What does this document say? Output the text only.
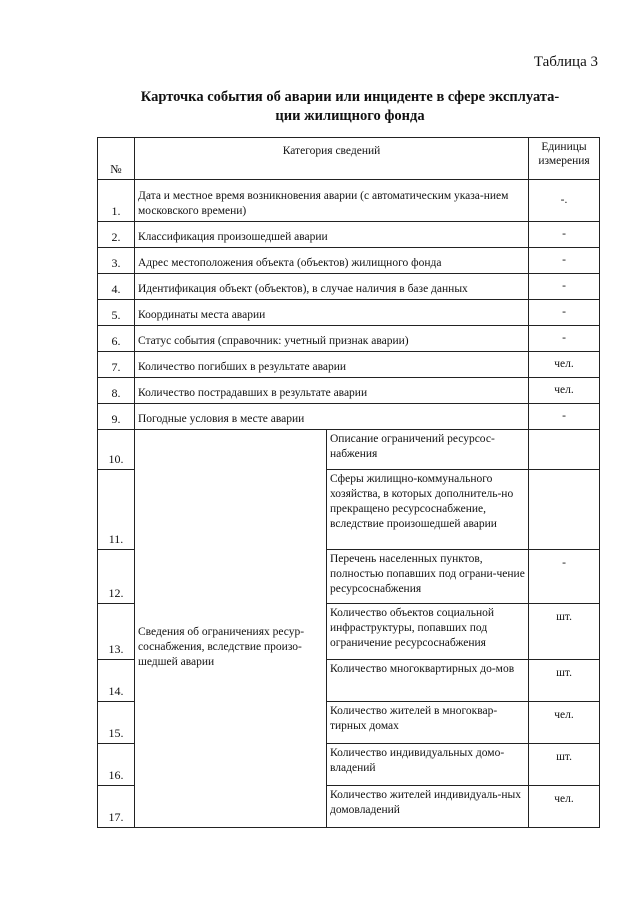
Таблица 3
Карточка события об аварии или инциденте в сфере эксплуата-
ции жилищного фонда
№	Категория сведений		Единицы
измерения

1.	Дата и местное время возникновения аварии (с автоматическим указа-нием московского времени)		-.
2.	Классификация произошедшей аварии		-
3.	Адрес местоположения объекта (объектов) жилищного фонда		-
4.	Идентификация объект (объектов), в случае наличия в базе данных		-
5.	Координаты места аварии		-
6.	Статус события (справочник: учетный признак аварии)		-
7.	Количество погибших в результате аварии		чел.
8.	Количество пострадавших в результате аварии		чел.
9.	Погодные условия в месте аварии		-
10.	Сведения об ограничениях ресур-соснабжения, вследствие произо-шедшей аварии	Описание ограничений ресурсос-набжения	
11.		Сферы жилищно-коммунального хозяйства, в которых дополнитель-но прекращено ресурсоснабжение, вследствие произошедшей аварии	
12.		Перечень населенных пунктов, полностью попавших под ограни-чение ресурсоснабжения	-
13.		Количество объектов социальной инфраструктуры, попавших под ограничение ресурсоснабжения	шт.
14.		Количество многоквартирных до-мов	шт.
15.		Количество жителей в многоквар-тирных домах	чел.
16.		Количество индивидуальных домо-владений	шт.
17.		Количество жителей индивидуаль-ных домовладений	чел.
